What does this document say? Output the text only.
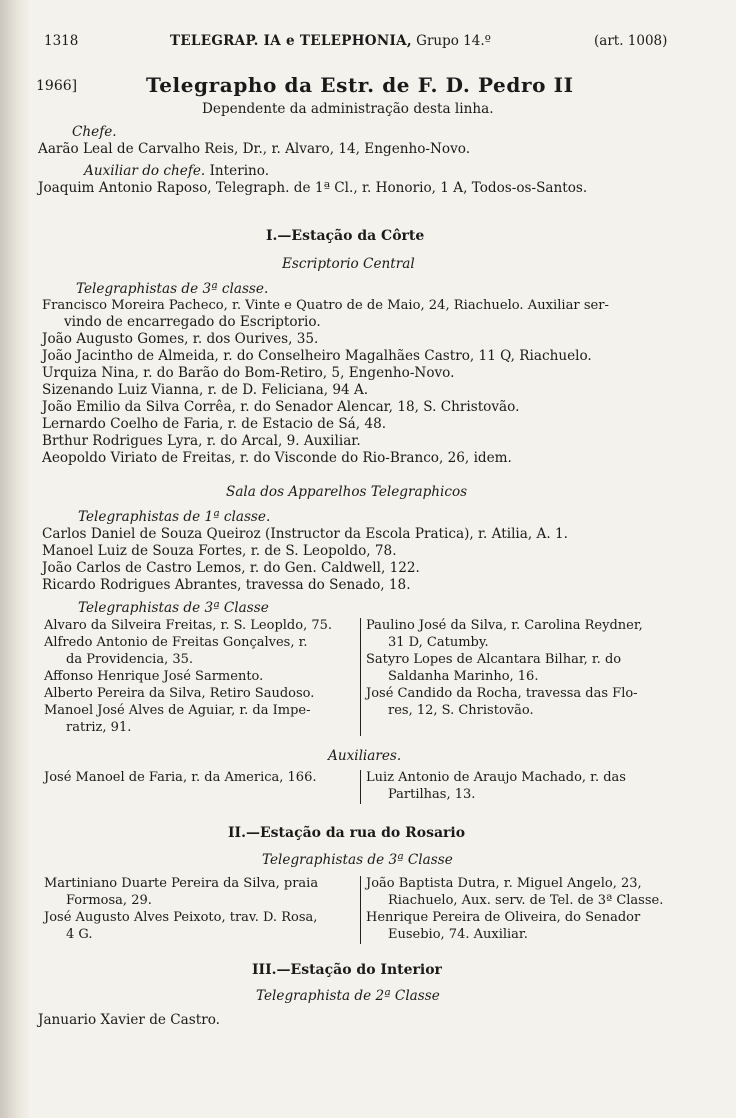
1318	TELEGRAP. IA e TELEPHONIA, Grupo 14.º	(art. 1008)
1966]	Telegrapho da Estr. de F. D. Pedro II
Dependente da administração desta linha.
Chefe.
Aarão Leal de Carvalho Reis, Dr., r. Alvaro, 14, Engenho-Novo.
Auxiliar do chefe. Interino.
Joaquim Antonio Raposo, Telegraph. de 1ª Cl., r. Honorio, 1 A, Todos-os-Santos.
I.—Estação da Côrte
Escriptorio Central
Telegraphistas de 3ª classe.
Francisco Moreira Pacheco, r. Vinte e Quatro de de Maio, 24, Riachuelo. Auxiliar ser-
vindo de encarregado do Escriptorio.
João Augusto Gomes, r. dos Ourives, 35.
João Jacintho de Almeida, r. do Conselheiro Magalhães Castro, 11 Q, Riachuelo.
Urquiza Nina, r. do Barão do Bom-Retiro, 5, Engenho-Novo.
Sizenando Luiz Vianna, r. de D. Feliciana, 94 A.
João Emilio da Silva Corrêa, r. do Senador Alencar, 18, S. Christovão.
Lernardo Coelho de Faria, r. de Estacio de Sá, 48.
Brthur Rodrigues Lyra, r. do Arcal, 9. Auxiliar.
Aeopoldo Viriato de Freitas, r. do Visconde do Rio-Branco, 26, idem.
Sala dos Apparelhos Telegraphicos
Telegraphistas de 1ª classe.
Carlos Daniel de Souza Queiroz (Instructor da Escola Pratica), r. Atilia, A. 1.
Manoel Luiz de Souza Fortes, r. de S. Leopoldo, 78.
João Carlos de Castro Lemos, r. do Gen. Caldwell, 122.
Ricardo Rodrigues Abrantes, travessa do Senado, 18.
Telegraphistas de 3ª Classe
Alvaro da Silveira Freitas, r. S. Leopldo, 75.
Alfredo Antonio de Freitas Gonçalves, r.
da Providencia, 35.
Affonso Henrique José Sarmento.
Alberto Pereira da Silva, Retiro Saudoso.
Manoel José Alves de Aguiar, r. da Impe-
ratriz, 91.
Paulino José da Silva, r. Carolina Reydner,
31 D, Catumby.
Satyro Lopes de Alcantara Bilhar, r. do
Saldanha Marinho, 16.
José Candido da Rocha, travessa das Flo-
res, 12, S. Christovão.
Auxiliares.
José Manoel de Faria, r. da America, 166.	Luiz Antonio de Araujo Machado, r. das
Partilhas, 13.
II.—Estação da rua do Rosario
Telegraphistas de 3ª Classe
Martiniano Duarte Pereira da Silva, praia
Formosa, 29.
José Augusto Alves Peixoto, trav. D. Rosa,
4 G.
João Baptista Dutra, r. Miguel Angelo, 23,
Riachuelo, Aux. serv. de Tel. de 3ª Classe.
Henrique Pereira de Oliveira, do Senador
Eusebio, 74. Auxiliar.
III.—Estação do Interior
Telegraphista de 2ª Classe
Januario Xavier de Castro.
